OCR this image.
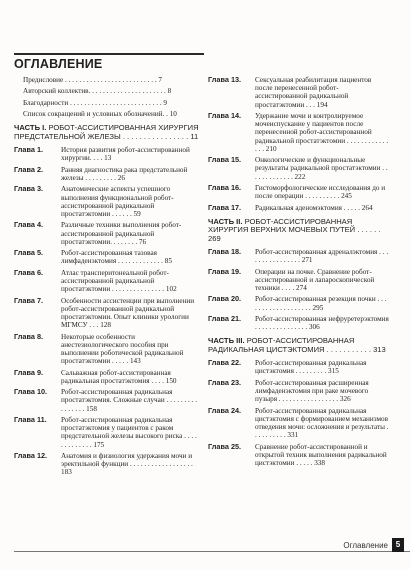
ОГЛАВЛЕНИЕ
Предисловие . . . . . . . . . . . . . . . . . . . . . . . . . . 7
Авторский коллектив. . . . . . . . . . . . . . . . . . . . . . 8
Благодарности . . . . . . . . . . . . . . . . . . . . . . . . . . 9
Список сокращений и условных обозначений. . 10
ЧАСТЬ I. РОБОТ-АССИСТИРОВАННАЯ ХИРУРГИЯ ПРЕДСТАТЕЛЬНОЙ ЖЕЛЕЗЫ . . . . . . . . . . . . . . . . 11
Глава 1.	История развития робот-ассистированной хирургии. . . . 13
Глава 2.	Ранняя диагностика рака предстательной железы . . . . . . . . . 26
Глава 3.	Анатомические аспекты успешного выполнения функциональной робот-ассистированной радикальной простатэктомии . . . . . . 59
Глава 4.	Различные техники выполнения робот-ассистированной радикальной простатэктомии. . . . . . . . 76
Глава 5.	Робот-ассистированная тазовая лимфаденэктомия . . . . . . . . . . . . . 85
Глава 6.	Атлас трансперитонеальной робот-ассистированной радикальной простатэктомии . . . . . . . . . . . . . . . 102
Глава 7.	Особенности ассистенции при выполнении робот-ассистированной радикальной простатэктомии. Опыт клиники урологии МГМСУ . . . 128
Глава 8.	Некоторые особенности анестезиологического пособия при выполнении роботической радикальной простатэктомии . . . . . 143
Глава 9.	Сальважная робот-ассистированная радикальная простатэктомия . . . . 150
Глава 10.	Робот-ассистированная радикальная простатэктомия. Сложные случаи . . . . . . . . . . . . . . . . 158
Глава 11.	Робот-ассистированная радикальная простатэктомия у пациентов с раком предстательной железы высокого риска . . . . . . . . . . . . . 175
Глава 12.	Анатомия и физиология удержания мочи и эректильной функции . . . . . . . . . . . . . . . . . . 183
Глава 13.	Сексуальная реабилитация пациентов после перенесенной робот-ассистированной радикальной простатэктомии . . . 194
Глава 14.	Удержание мочи и контролируемое мочеиспускание у пациентов после перенесенной робот-ассистированной радикальной простатэктомии . . . . . . . . . . . . . . . 210
Глава 15.	Онкологические и функциональные результаты радикальной простатэктомии . . . . . . . . . . . . . 222
Глава 16.	Гистоморфологические исследования до и после операции . . . . . . . . . . 245
Глава 17.	Радикальная аденомэктомия . . . . . 264
ЧАСТЬ II. РОБОТ-АССИСТИРОВАННАЯ ХИРУРГИЯ ВЕРХНИХ МОЧЕВЫХ ПУТЕЙ . . . . . . 269
Глава 18.	Робот-ассистированная адреналэктомия . . . . . . . . . . . . . . . . 271
Глава 19.	Операции на почке. Сравнение робот-ассистированной и лапароскопической техники . . . . 274
Глава 20.	Робот-ассистированная резекция почки . . . . . . . . . . . . . . . . . . . 295
Глава 21.	Робот-ассистированная нефруретерэктомия . . . . . . . . . . . . . . . 306
ЧАСТЬ III. РОБОТ-АССИСТИРОВАННАЯ РАДИКАЛЬНАЯ ЦИСТЭКТОМИЯ . . . . . . . . . . . 313
Глава 22.	Робот-ассистированная радикальная цистэктомия . . . . . . . . . 315
Глава 23.	Робот-ассистированная расширенная лимфаденэктомия при раке мочевого пузыря . . . . . . . . . . . . . . . . . 326
Глава 24.	Робот-ассистированная радикальная цистэктомия с формированием механизмов отведения мочи: осложнения и результаты . . . . . . . . . . 331
Глава 25.	Сравнение робот-ассистированной и открытой техник выполнения радикальной цистэктомии . . . . . 338
Оглавление 5
